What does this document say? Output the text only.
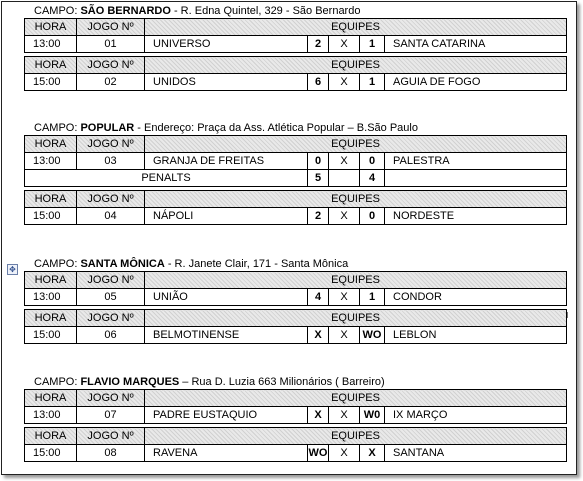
✥
CAMPO: SÃO BERNARDO - R. Edna Quintel, 329 - São Bernardo
HORA	JOGO Nº	EQUIPES				
13:00	01	UNIVERSO	2	X	1	SANTA CATARINA
HORA	JOGO Nº	EQUIPES				
15:00	02	UNIDOS	6	X	1	AGUIA DE FOGO
CAMPO: POPULAR - Endereço: Praça da Ass. Atlética Popular – B.São Paulo
HORA	JOGO Nº	EQUIPES				
13:00	03	GRANJA DE FREITAS	0	X	0	PALESTRA
PENALTS			5		4	
HORA	JOGO Nº	EQUIPES				
15:00	04	NÁPOLI	2	X	0	NORDESTE
CAMPO: SANTA MÔNICA - R. Janete Clair, 171 - Santa Mônica
HORA	JOGO Nº	EQUIPES				
13:00	05	UNIÃO	4	X	1	CONDOR
HORA	JOGO Nº	EQUIPES				
15:00	06	BELMOTINENSE	X	X	WO	LEBLON
CAMPO: FLAVIO MARQUES – Rua D. Luzia 663 Milionários ( Barreiro)
HORA	JOGO Nº	EQUIPES				
13:00	07	PADRE EUSTAQUIO	X	X	W0	IX MARÇO
HORA	JOGO Nº	EQUIPES				
15:00	08	RAVENA	WO	X	X	SANTANA
